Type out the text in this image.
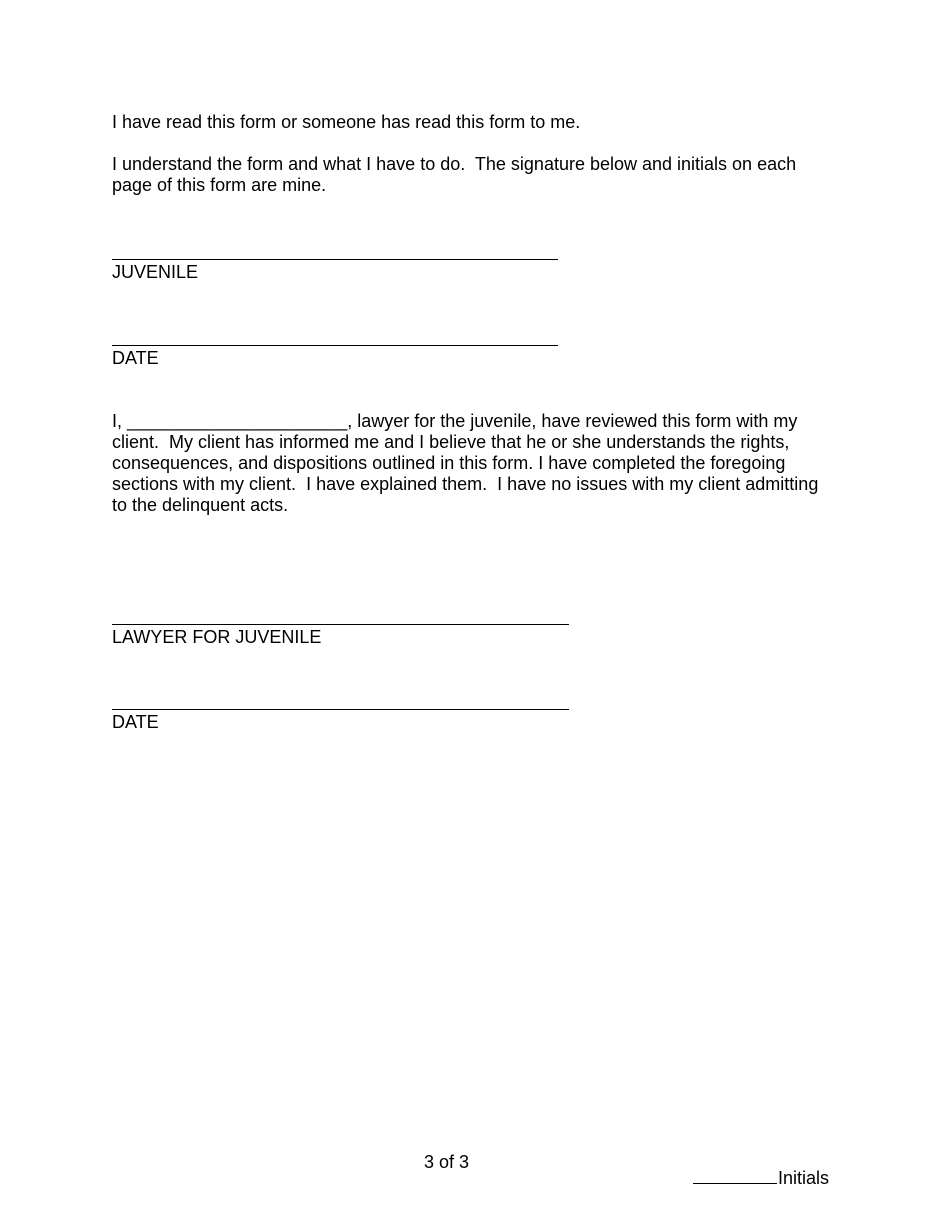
I have read this form or someone has read this form to me.

I understand the form and what I have to do.  The signature below and initials on each page of this form are mine.

JUVENILE

DATE

I, ______________________, lawyer for the juvenile, have reviewed this form with my client.  My client has informed me and I believe that he or she understands the rights, consequences, and dispositions outlined in this form. I have completed the foregoing sections with my client.  I have explained them.  I have no issues with my client admitting to the delinquent acts.

LAWYER FOR JUVENILE

DATE

3 of 3

Initials
